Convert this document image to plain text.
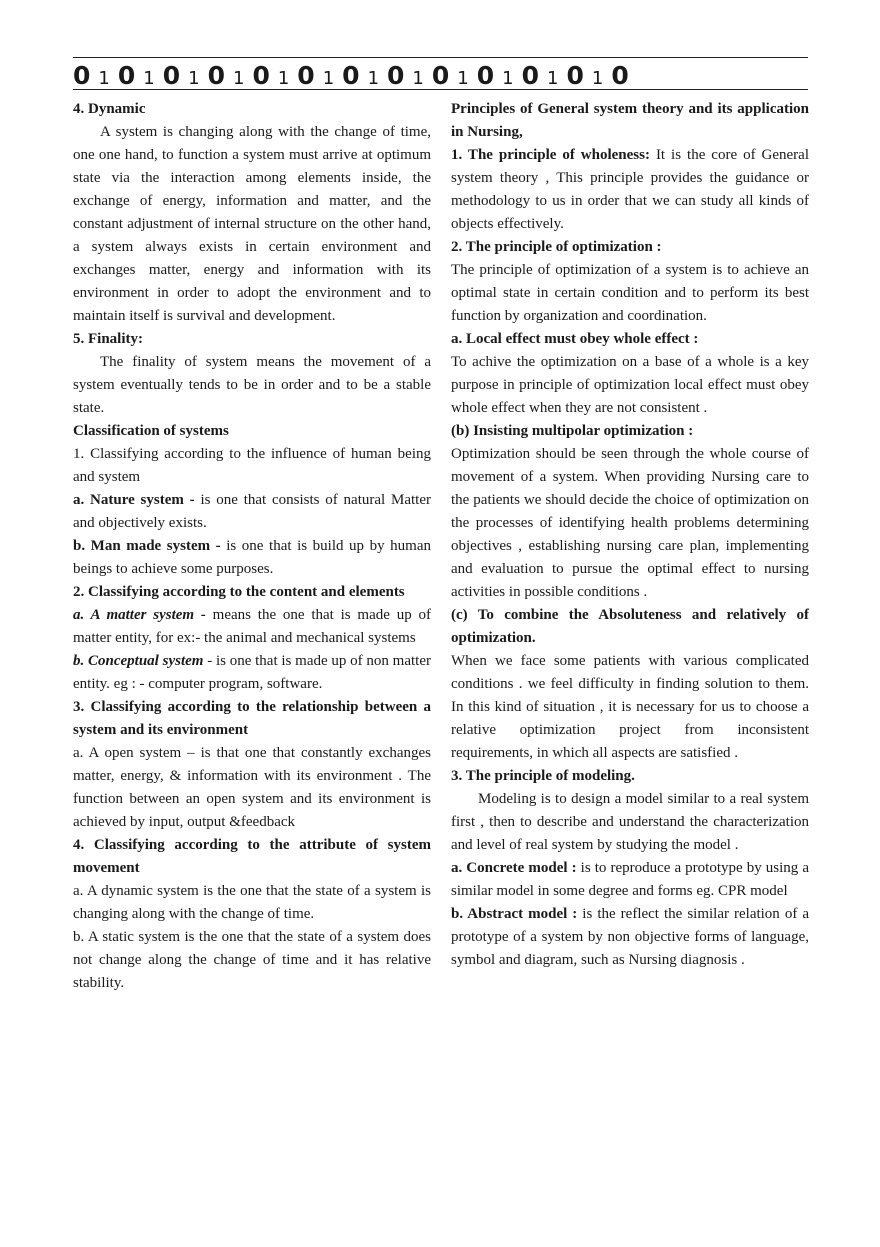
0 1 0 1 0 1 0 1 0 1 0 1 0 1 0 1 0 1 0 1 0 1 0 1 0

4. Dynamic

A system is changing along with the change of time, one one hand, to function a system must arrive at optimum state via the interaction among elements inside, the exchange of energy, information and matter, and the constant adjustment of internal structure on the other hand, a system always exists in certain environment and exchanges matter, energy and information with its environment in order to adopt the environment and to maintain itself is survival and development.

5. Finality:

The finality of system means the movement of a system eventually tends to be in order and to be a stable state.

Classification of systems

1. Classifying according to the influence of human being and system

a. Nature system - is one that consists of natural Matter and objectively exists.

b. Man made system - is one that is build up by human beings to achieve some purposes.

2. Classifying according to the content and elements

a. A matter system - means the one that is made up of matter entity, for ex:- the animal and mechanical systems

b. Conceptual system - is one that is made up of non matter entity. eg : - computer program, software.

3. Classifying according to the relationship between a system and its environment

a. A open system – is that one that constantly exchanges matter, energy, & information with its environment . The function between an open system and its environment is achieved by input, output &feedback

4. Classifying according to the attribute of system movement

a. A dynamic system is the one that the state of a system is changing along with the change of time.

b. A static system is the one that the state of a system does not change along the change of time and it has relative stability.

Principles of General system theory and its application in Nursing,

1. The principle of wholeness: It is the core of General system theory , This principle provides the guidance or methodology to us in order that we can study all kinds of objects effectively.

2. The principle of optimization :

The principle of optimization of a system is to achieve an optimal state in certain condition and to perform its best function by organization and coordination.

a. Local effect must obey whole effect :

To achive the optimization on a base of a whole is a key purpose in principle of optimization local effect must obey whole effect when they are not consistent .

(b) Insisting multipolar optimization :

Optimization should be seen through the whole course of movement of a system. When providing Nursing care to the patients we should decide the choice of optimization on the processes of identifying health problems determining objectives , establishing nursing care plan, implementing and evaluation to pursue the optimal effect to nursing activities in possible conditions .

(c) To combine the Absoluteness and relatively of optimization.

When we face some patients with various complicated conditions . we feel difficulty in finding solution to them. In this kind of situation , it is necessary for us to choose a relative optimization project from inconsistent requirements, in which all aspects are satisfied .

3. The principle of modeling.

Modeling is to design a model similar to a real system first , then to describe and understand the characterization and level of real system by studying the model .

a. Concrete model : is to reproduce a prototype by using a similar model in some degree and forms eg. CPR model

b. Abstract model : is the reflect the similar relation of a prototype of a system by non objective forms of language, symbol and diagram, such as Nursing diagnosis .
